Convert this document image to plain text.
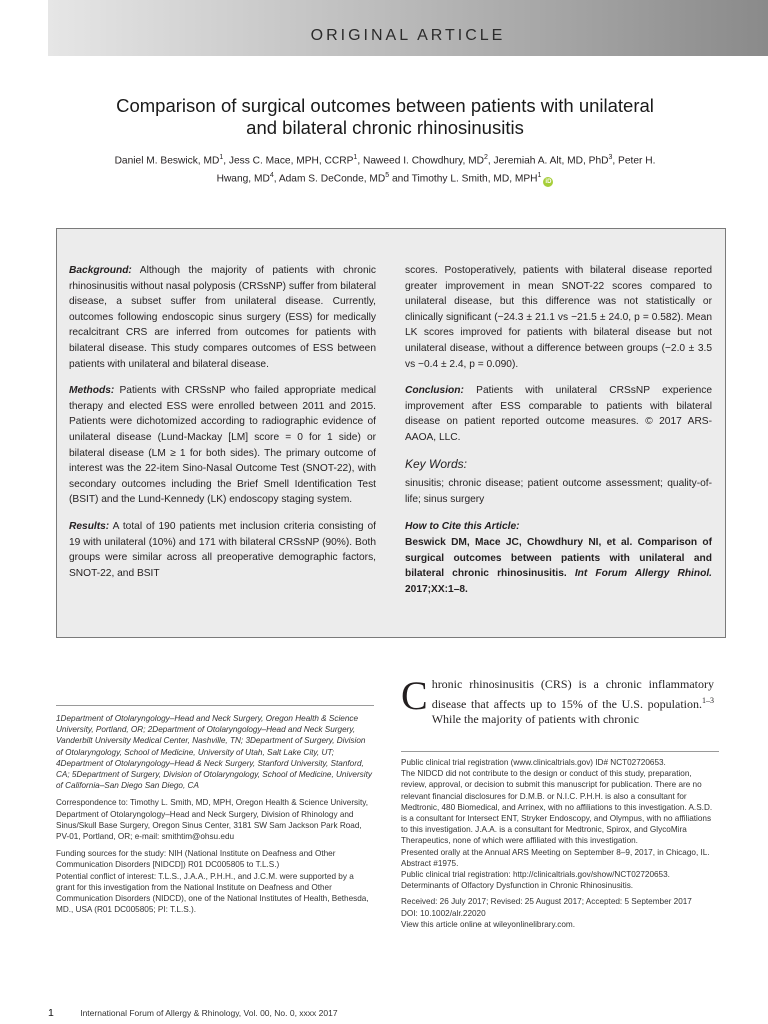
ORIGINAL ARTICLE
Comparison of surgical outcomes between patients with unilateral
and bilateral chronic rhinosinusitis

Daniel M. Beswick, $MD^1$, Jess C. Mace, MPH, CCRP$^1$, Naweed I. Chowdhury, $MD^2$, Jeremiah A. Alt, MD, PhD$^3$, Peter H. Hwang, $MD^4$, Adam S. DeConde, $MD^5$ and Timothy L. Smith, MD, MPH$^1$iD

Background: Although the majority of patients with chronic rhinosinusitis without nasal polyposis (CRSsNP) suffer from bilateral disease, a subset suffer from unilateral disease. Currently, outcomes following endoscopic sinus surgery (ESS) for medically recalcitrant CRS are inferred from outcomes for patients with bilateral disease. This study compares outcomes of ESS between patients with unilateral and bilateral disease.

Methods: Patients with CRSsNP who failed appropriate medical therapy and elected ESS were enrolled between 2011 and 2015. Patients were dichotomized according to radiographic evidence of unilateral disease (Lund-Mackay [LM] score = 0 for 1 side) or bilateral disease (LM ≥ 1 for both sides). The primary outcome of interest was the 22-item Sino-Nasal Outcome Test (SNOT-22), with secondary outcomes including the Brief Smell Identification Test (BSIT) and the Lund-Kennedy (LK) endoscopy staging system.

Results: A total of 190 patients met inclusion criteria consisting of 19 with unilateral (10%) and 171 with bilateral CRSsNP (90%). Both groups were similar across all preoperative demographic factors, SNOT-22, and BSIT

scores. Postoperatively, patients with bilateral disease reported greater improvement in mean SNOT-22 scores compared to unilateral disease, but this difference was not statistically or clinically significant (−24.3 ± 21.1 vs −21.5 ± 24.0, p = 0.582). Mean LK scores improved for patients with bilateral disease but not unilateral disease, without a difference between groups (−2.0 ± 3.5 vs −0.4 ± 2.4, p = 0.090).

Conclusion: Patients with unilateral CRSsNP experience improvement after ESS comparable to patients with bilateral disease on patient reported outcome measures. © 2017 ARS-AAOA, LLC.

Key Words:

sinusitis; chronic disease; patient outcome assessment; quality-of-life; sinus surgery

How to Cite this Article:

Beswick DM, Mace JC, Chowdhury NI, et al. Comparison of surgical outcomes between patients with unilateral and bilateral chronic rhinosinusitis. Int Forum Allergy Rhinol. 2017;XX:1–8.

1Department of Otolaryngology–Head and Neck Surgery, Oregon Health & Science University, Portland, OR; 2Department of Otolaryngology–Head and Neck Surgery, Vanderbilt University Medical Center, Nashville, TN; 3Department of Surgery, Division of Otolaryngology, School of Medicine, University of Utah, Salt Lake City, UT; 4Department of Otolaryngology–Head & Neck Surgery, Stanford University, Stanford, CA; 5Department of Surgery, Division of Otolaryngology, School of Medicine, University of California–San Diego San Diego, CA

Correspondence to: Timothy L. Smith, MD, MPH, Oregon Health & Science University, Department of Otolaryngology–Head and Neck Surgery, Division of Rhinology and Sinus/Skull Base Surgery, Oregon Sinus Center, 3181 SW Sam Jackson Park Road, PV-01, Portland, OR; e-mail: smithtim@ohsu.edu

Funding sources for the study: NIH (National Institute on Deafness and Other Communication Disorders [NIDCD]) R01 DC005805 to T.L.S.)

Potential conflict of interest: T.L.S., J.A.A., P.H.H., and J.C.M. were supported by a grant for this investigation from the National Institute on Deafness and Other Communication Disorders (NIDCD), one of the National Institutes of Health, Bethesda, MD., USA (R01 DC005805; PI: T.L.S.).

Chronic rhinosinusitis (CRS) is a chronic inflammatory disease that affects up to 15% of the U.S. population.$^{1-3}$ While the majority of patients with chronic

Public clinical trial registration (www.clinicaltrials.gov) ID# NCT02720653.

The NIDCD did not contribute to the design or conduct of this study, preparation, review, approval, or decision to submit this manuscript for publication. There are no relevant financial disclosures for D.M.B. or N.I.C. P.H.H. is also a consultant for Medtronic, 480 Biomedical, and Arrinex, with no affiliations to this investigation. A.S.D. is a consultant for Intersect ENT, Stryker Endoscopy, and Olympus, with no affiliations to this investigation. J.A.A. is a consultant for Medtronic, Spirox, and GlycoMira Therapeutics, none of which were affiliated with this investigation.

Presented orally at the Annual ARS Meeting on September 8–9, 2017, in Chicago, IL. Abstract #1975.

Public clinical trial registration: http://clinicaltrials.gov/show/NCT02720653. Determinants of Olfactory Dysfunction in Chronic Rhinosinusitis.

Received: 26 July 2017; Revised: 25 August 2017; Accepted: 5 September 2017

DOI: 10.1002/alr.22020

View this article online at wileyonlinelibrary.com.

1	International Forum of Allergy & Rhinology, Vol. 00, No. 0, xxxx 2017
